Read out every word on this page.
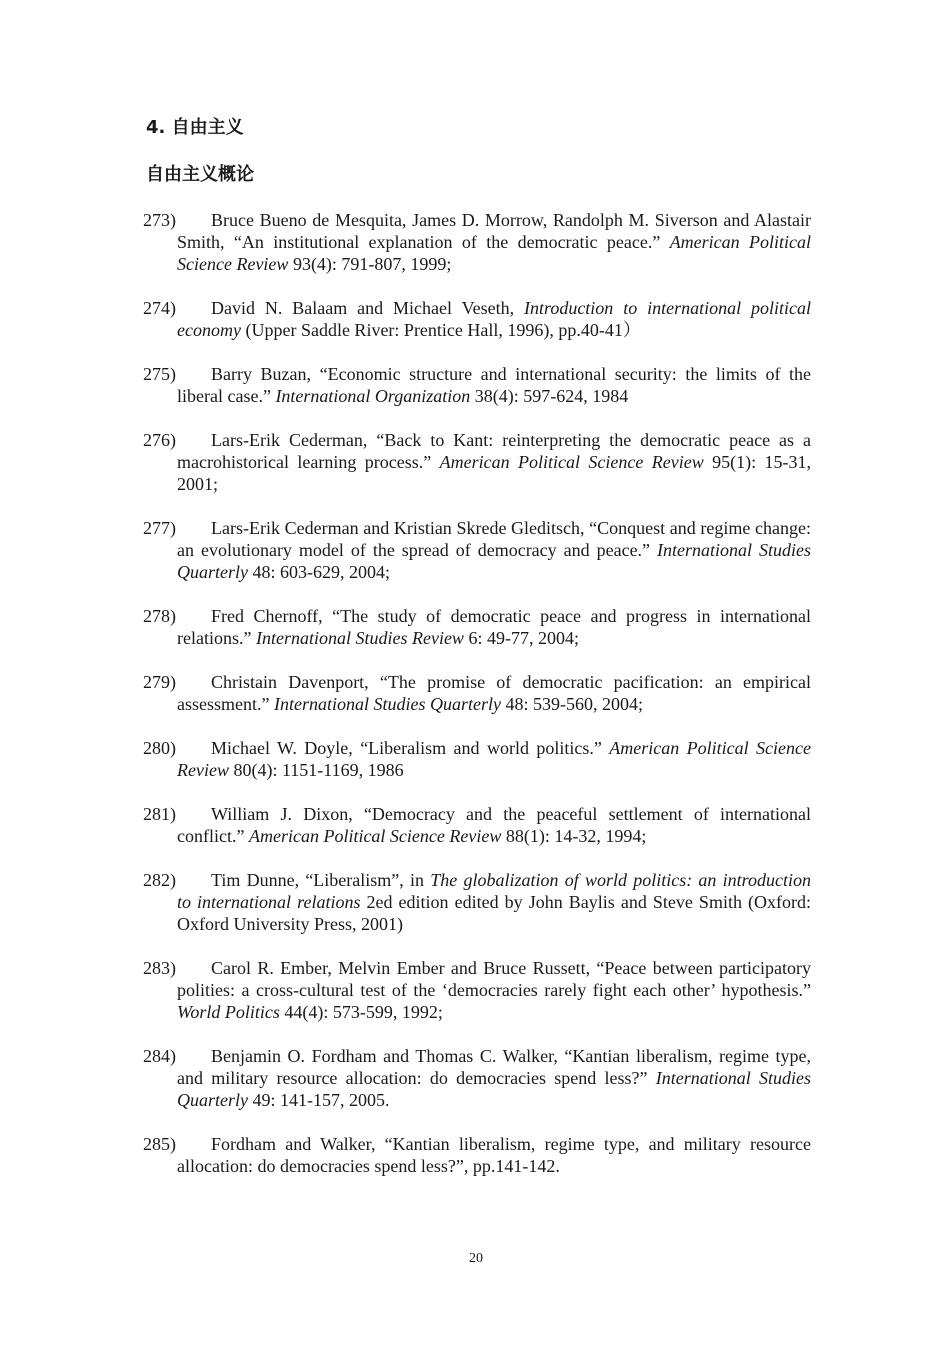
4. 自由主义
自由主义概论
273) Bruce Bueno de Mesquita, James D. Morrow, Randolph M. Siverson and Alastair Smith, “An institutional explanation of the democratic peace.” American Political Science Review 93(4): 791-807, 1999;
274) David N. Balaam and Michael Veseth, Introduction to international political economy (Upper Saddle River: Prentice Hall, 1996), pp.40-41）
275) Barry Buzan, “Economic structure and international security: the limits of the liberal case.” International Organization 38(4): 597-624, 1984
276) Lars-Erik Cederman, “Back to Kant: reinterpreting the democratic peace as a macrohistorical learning process.” American Political Science Review 95(1): 15-31, 2001;
277) Lars-Erik Cederman and Kristian Skrede Gleditsch, “Conquest and regime change: an evolutionary model of the spread of democracy and peace.” International Studies Quarterly 48: 603-629, 2004;
278) Fred Chernoff, “The study of democratic peace and progress in international relations.” International Studies Review 6: 49-77, 2004;
279) Christain Davenport, “The promise of democratic pacification: an empirical assessment.” International Studies Quarterly 48: 539-560, 2004;
280) Michael W. Doyle, “Liberalism and world politics.” American Political Science Review 80(4): 1151-1169, 1986
281) William J. Dixon, “Democracy and the peaceful settlement of international conflict.” American Political Science Review 88(1): 14-32, 1994;
282) Tim Dunne, “Liberalism”, in The globalization of world politics: an introduction to international relations 2ed edition edited by John Baylis and Steve Smith (Oxford: Oxford University Press, 2001)
283) Carol R. Ember, Melvin Ember and Bruce Russett, “Peace between participatory polities: a cross-cultural test of the ‘democracies rarely fight each other’ hypothesis.” World Politics 44(4): 573-599, 1992;
284) Benjamin O. Fordham and Thomas C. Walker, “Kantian liberalism, regime type, and military resource allocation: do democracies spend less?” International Studies Quarterly 49: 141-157, 2005.
285) Fordham and Walker, “Kantian liberalism, regime type, and military resource allocation: do democracies spend less?”, pp.141-142.
20
